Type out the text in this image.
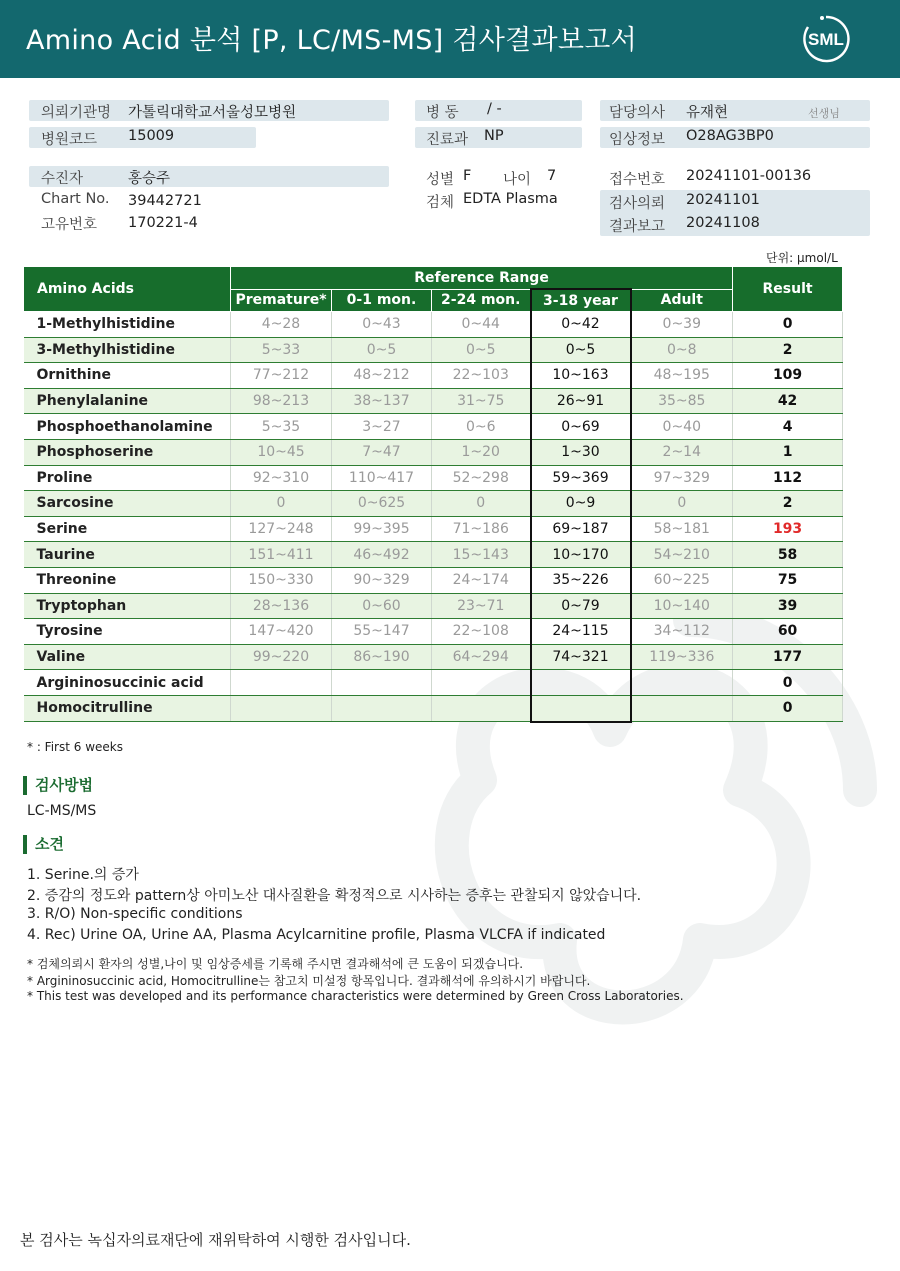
Amino Acid 분석 [P, LC/MS-MS] 검사결과보고서	SML
의뢰기관명 가톨릭대학교서울성모병원
병원코드 15009
병 동 / -
진료과 NP
담당의사 유재현	선생님
임상정보 O28AG3BP0
수진자	홍승주
Chart No. 39442721
고유번호 170221-4
성별 F 나이 7
검체 EDTA Plasma
접수번호 20241101-00136
검사의뢰 20241101
결과보고 20241108
단위: μmol/L
Amino Acids	Reference Range					Result
	Premature*	0-1 mon.	2-24 mon.	3-18 year	Adult	
1-Methylhistidine	4~28	0~43	0~44	0~42	0~39	0
3-Methylhistidine	5~33	0~5	0~5	0~5	0~8	2
Ornithine	77~212	48~212	22~103	10~163	48~195	109
Phenylalanine	98~213	38~137	31~75	26~91	35~85	42
Phosphoethanolamine	5~35	3~27	0~6	0~69	0~40	4
Phosphoserine	10~45	7~47	1~20	1~30	2~14	1
Proline	92~310	110~417	52~298	59~369	97~329	112
Sarcosine	0	0~625	0	0~9	0	2
Serine	127~248	99~395	71~186	69~187	58~181	193
Taurine	151~411	46~492	15~143	10~170	54~210	58
Threonine	150~330	90~329	24~174	35~226	60~225	75
Tryptophan	28~136	0~60	23~71	0~79	10~140	39
Tyrosine	147~420	55~147	22~108	24~115	34~112	60
Valine	99~220	86~190	64~294	74~321	119~336	177
Argininosuccinic acid						0
Homocitrulline						0
* : First 6 weeks
검사방법
LC-MS/MS
소견
1. Serine.의 증가
2. 증감의 정도와 pattern상 아미노산 대사질환을 확정적으로 시사하는 증후는 관찰되지 않았습니다.
3. R/O) Non-specific conditions
4. Rec) Urine OA, Urine AA, Plasma Acylcarnitine profile, Plasma VLCFA if indicated
* 검체의뢰시 환자의 성별,나이 및 임상증세를 기록해 주시면 결과해석에 큰 도움이 되겠습니다.
* Argininosuccinic acid, Homocitrulline는 참고치 미설정 항목입니다. 결과해석에 유의하시기 바랍니다.
* This test was developed and its performance characteristics were determined by Green Cross Laboratories.
본 검사는 녹십자의료재단에 재위탁하여 시행한 검사입니다.
